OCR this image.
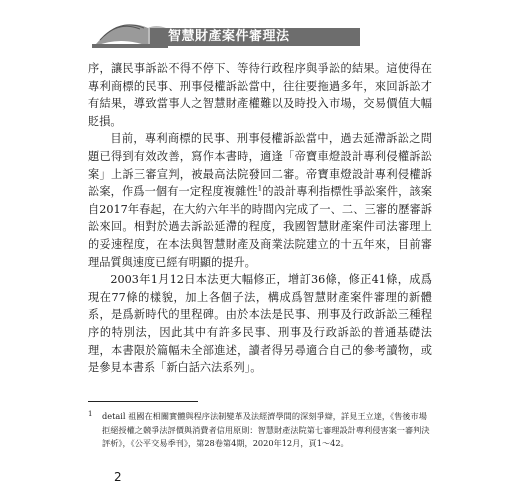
智慧財產案件審理法

序，讓民事訴訟不得不停下、等待行政程序與爭訟的結果。這使得在專利商標的民事、刑事侵權訴訟當中，往往要拖過多年，來回訴訟才有結果，導致當事人之智慧財產權難以及時投入市場，交易價值大幅貶損。

目前，專利商標的民事、刑事侵權訴訟當中，過去延滯訴訟之問題已得到有效改善，寫作本書時，適逢「帝寶車燈設計專利侵權訴訟案」上訴三審宣判，被最高法院發回二審。帝寶車燈設計專利侵權訴訟案，作爲一個有一定程度複雜性$^1$的設計專利指標性爭訟案件，該案自2017年春起，在大約六年半的時間內完成了一、二、三審的歷審訴訟來回。相對於過去訴訟延滯的程度，我國智慧財產案件司法審理上的妥速程度，在本法與智慧財產及商業法院建立的十五年來，目前審理品質與速度已經有明顯的提升。

2003年1月12日本法更大幅修正，增訂36條，修正41條，成爲現在77條的樣貌，加上各個子法，構成爲智慧財產案件審理的新體系，是爲新時代的里程碑。由於本法是民事、刑事及行政訴訟三種程序的特別法，因此其中有許多民事、刑事及行政訴訟的普通基礎法理，本書限於篇幅未全部進述，讀者得另尋適合自己的參考讀物，或是參見本書系「新白話六法系列」。

1	detail 祖國在相關實體與程序法制變革及法經濟學間的深刻爭辯，詳見王立達，《售後市場拒絕授權之競爭法評價與消費者信用原則：智慧財產法院第七審理設計專利侵害案一審判決評析》，《公平交易季刊》，第28卷第4期，2020年12月，頁1～42。
2
